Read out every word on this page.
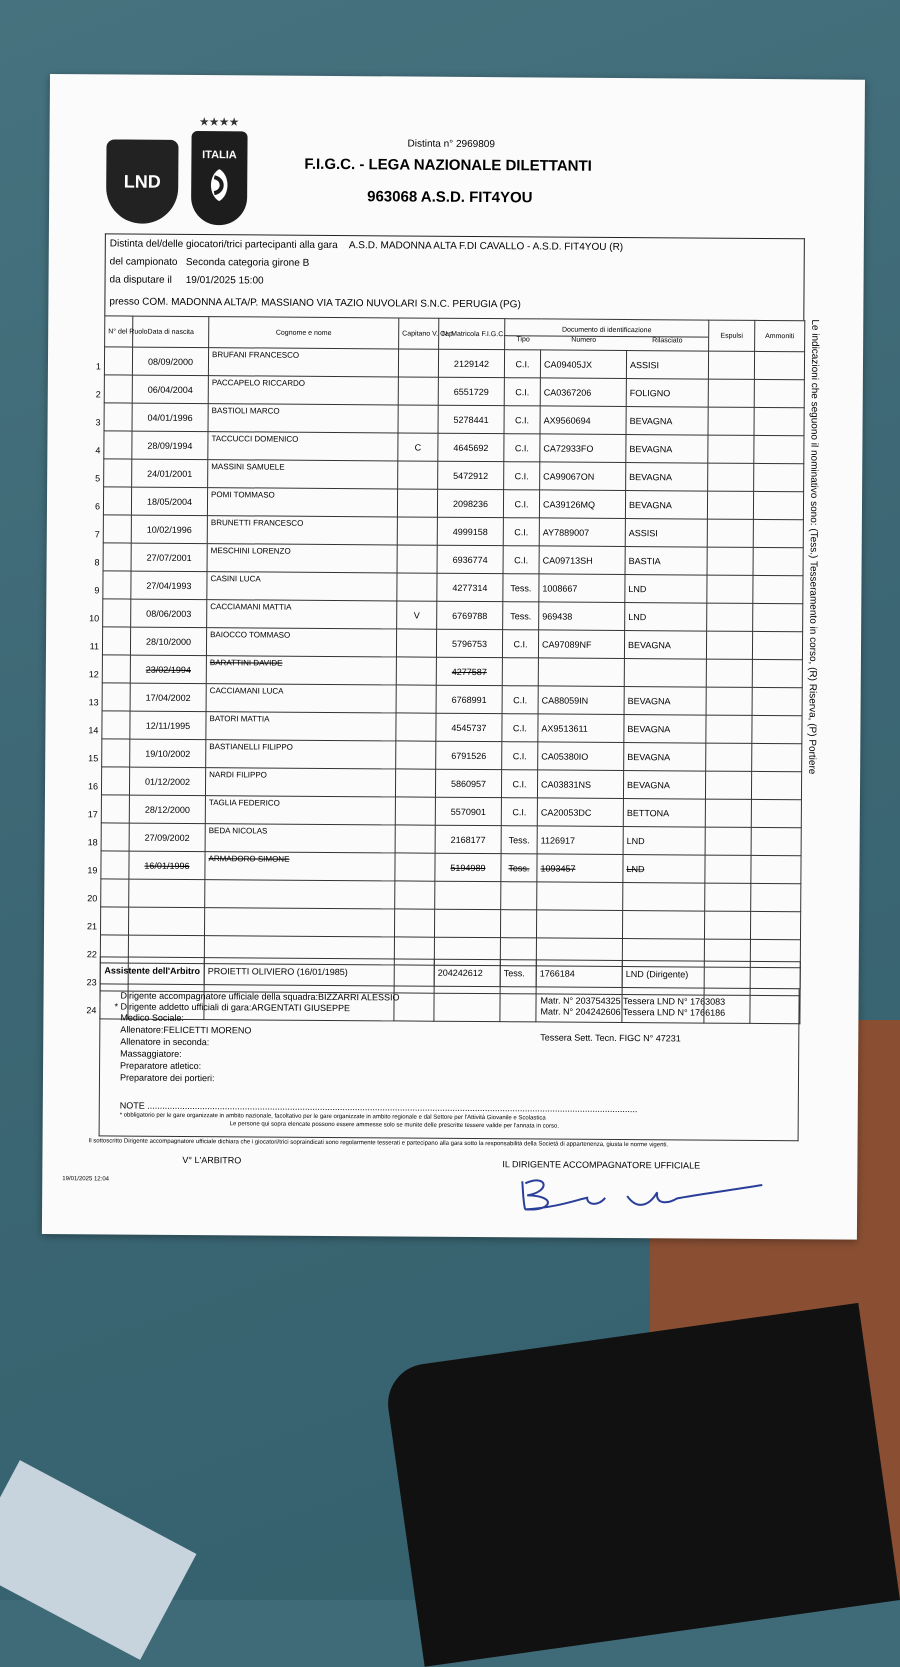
LND
★★★★
ITALIA
Distinta n° 2969809
F.I.G.C. - LEGA NAZIONALE DILETTANTI
963068 A.S.D. FIT4YOU
Distinta del/delle giocatori/trici partecipanti alla gara A.S.D. MADONNA ALTA F.DI CAVALLO - A.S.D. FIT4YOU (R)
del campionato Seconda categoria girone B
da disputare il 19/01/2025 15:00
presso COM. MADONNA ALTA/P. MASSIANO VIA TAZIO NUVOLARI S.N.C. PERUGIA (PG)
N° del Ruolo	Data di nascita	Cognome e nome	Capitano V. Cap.	N. Matricola F.I.G.C.	Documento di identificazione
Tipo Numero Rilasciato			Espulsi	Ammoniti

1	08/09/2000	BRUFANI FRANCESCO		2129142	C.I.	CA09405JX	ASSISI		

2	06/04/2004	PACCAPELO RICCARDO		6551729	C.I.	CA0367206	FOLIGNO		

3	04/01/1996	BASTIOLI MARCO		5278441	C.I.	AX9560694	BEVAGNA		

4	28/09/1994	TACCUCCI DOMENICO	C	4645692	C.I.	CA72933FO	BEVAGNA		

5	24/01/2001	MASSINI SAMUELE		5472912	C.I.	CA99067ON	BEVAGNA		

6	18/05/2004	POMI TOMMASO		2098236	C.I.	CA39126MQ	BEVAGNA		

7	10/02/1996	BRUNETTI FRANCESCO		4999158	C.I.	AY7889007	ASSISI		

8	27/07/2001	MESCHINI LORENZO		6936774	C.I.	CA09713SH	BASTIA		

9	27/04/1993	CASINI LUCA		4277314	Tess.	1008667	LND		

10	08/06/2003	CACCIAMANI MATTIA	V	6769788	Tess.	969438	LND		

11	28/10/2000	BAIOCCO TOMMASO		5796753	C.I.	CA97089NF	BEVAGNA		

12	23/02/1994	BARATTINI DAVIDE		4277587					

13	17/04/2002	CACCIAMANI LUCA		6768991	C.I.	CA88059IN	BEVAGNA		

14	12/11/1995	BATORI MATTIA		4545737	C.I.	AX9513611	BEVAGNA		

15	19/10/2002	BASTIANELLI FILIPPO		6791526	C.I.	CA05380IO	BEVAGNA		

16	01/12/2002	NARDI FILIPPO		5860957	C.I.	CA03831NS	BEVAGNA		

17	28/12/2000	TAGLIA FEDERICO		5570901	C.I.	CA20053DC	BETTONA		

18	27/09/2002	BEDA NICOLAS		2168177	Tess.	1126917	LND		

19	16/01/1996	ARMADORO SIMONE		5194989	Tess.	1093457	LND		

20									

21									

22									

23									

24									

Le indicazioni che seguono il nominativo sono: (Tess.) Tesseramento in corso, (R) Riserva, (P) Portiere
Assistente dell'Arbitro	PROIETTI OLIVIERO (16/01/1985)	204242612	Tess.	1766184	LND (Dirigente)
Dirigente accompagnatore ufficiale della squadra:BIZZARRI ALESSIO
* Dirigente addetto ufficiali di gara:ARGENTATI GIUSEPPE
Medico Sociale:
Allenatore:FELICETTI MORENO
Allenatore in seconda:
Massaggiatore:
Preparatore atletico:
Preparatore dei portieri:
Matr. N° 203754325 Tessera LND N° 1763083
Matr. N° 204242606 Tessera LND N° 1766186
Tessera Sett. Tecn. FIGC N° 47231
NOTE ....................................................................................................................................................................................................
* obbligatorio per le gare organizzate in ambito nazionale, facoltativo per le gare organizzate in ambito regionale e dal Settore per l'Attività Giovanile e Scolastica
Le persone qui sopra elencate possono essere ammesse solo se munite delle prescritte tessere valide per l'annata in corso.
Il sottoscritto Dirigente accompagnatore ufficiale dichiara che i giocatori/trici sopraindicati sono regolarmente tesserati e partecipano alla gara sotto la responsabilità della Società di appartenenza, giusta le norme vigenti.
V° L'ARBITRO	IL DIRIGENTE ACCOMPAGNATORE UFFICIALE
19/01/2025 12:04
